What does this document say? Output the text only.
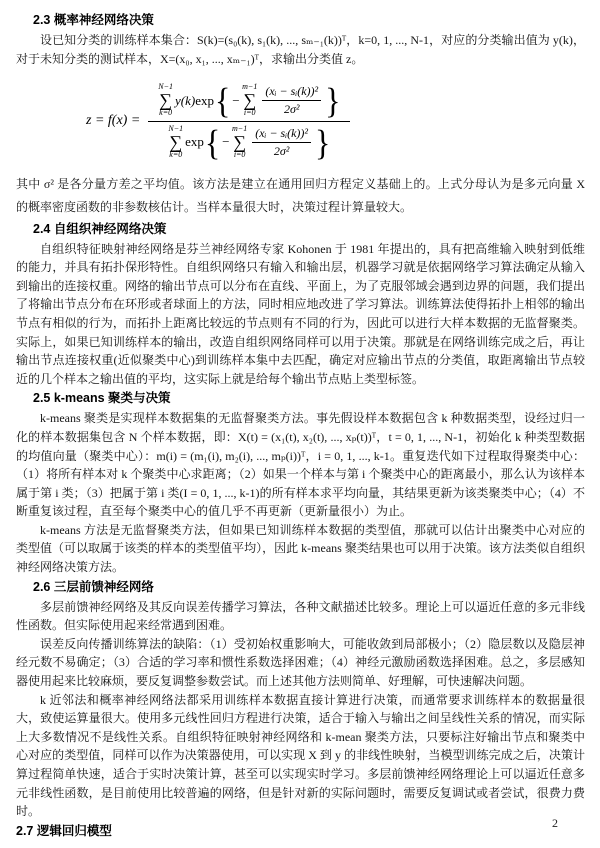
2.3 概率神经网络决策

设已知分类的训练样本集合：S(k)=(s₀(k), s₁(k), ..., sₘ₋₁(k))ᵀ，k=0, 1, ..., N-1，对应的分类输出值为 y(k)，对于未知分类的测试样本，X=(x₀, x₁, ..., xₘ₋₁)ᵀ，求输出分类值 z。

z = f(x) =
N−1
∑
k=0
y(k) exp { −
m−1
∑
$i=0 \frac{\text{(xᵢ − sᵢ(k))²}}{\text{2σ²}}$ }
N−1
∑
k=0
exp { −
m−1
∑
$i=0 \frac{\text{(xᵢ − sᵢ(k))²}}{\text{2σ²}}$ }

其中 σ² 是各分量方差之平均值。该方法是建立在通用回归方程定义基础上的。上式分母认为是多元向量 X 的概率密度函数的非参数核估计。当样本量很大时，决策过程计算量较大。

2.4 自组织神经网络决策

自组织特征映射神经网络是芬兰神经网络专家 Kohonen 于 1981 年提出的，具有把高维输入映射到低维的能力，并具有拓扑保形特性。自组织网络只有输入和输出层，机器学习就是依据网络学习算法确定从输入到输出的连接权重。网络的输出节点可以分布在直线、平面上，为了克服邻域会遇到边界的问题，我们提出了将输出节点分布在环形或者球面上的方法，同时相应地改进了学习算法。训练算法使得拓扑上相邻的输出节点有相似的行为，而拓扑上距离比较远的节点则有不同的行为，因此可以进行大样本数据的无监督聚类。实际上，如果已知训练样本的输出，改造自组织网络同样可以用于决策。那就是在网络训练完成之后，再让输出节点连接权重(近似聚类中心)到训练样本集中去匹配，确定对应输出节点的分类值，取距离输出节点较近的几个样本之输出值的平均，这实际上就是给每个输出节点贴上类型标签。

2.5 k-means 聚类与决策

k-means 聚类是实现样本数据集的无监督聚类方法。事先假设样本数据包含 k 种数据类型，设经过归一化的样本数据集包含 N 个样本数据，即：X(t) = (x₁(t), x₂(t), ..., xₚ(t))ᵀ，t = 0, 1, ..., N-1，初始化 k 种类型数据的均值向量（聚类中心）：m(i) = (m₁(i), m₂(i), ..., mₚ(i))ᵀ，i = 0, 1, ..., k-1。重复迭代如下过程取得聚类中心：（1）将所有样本对 k 个聚类中心求距离；（2）如果一个样本与第 i 个聚类中心的距离最小，那么认为该样本属于第 i 类；（3）把属于第 i 类(I = 0, 1, ..., k-1)的所有样本求平均向量，其结果更新为该类聚类中心；（4）不断重复该过程，直至每个聚类中心的值几乎不再更新（更新量很小）为止。

k-means 方法是无监督聚类方法，但如果已知训练样本数据的类型值，那就可以估计出聚类中心对应的类型值（可以取属于该类的样本的类型值平均），因此 k-means 聚类结果也可以用于决策。该方法类似自组织神经网络决策方法。

2.6 三层前馈神经网络

多层前馈神经网络及其反向误差传播学习算法，各种文献描述比较多。理论上可以逼近任意的多元非线性函数。但实际使用起来经常遇到困难。

误差反向传播训练算法的缺陷：（1）受初始权重影响大，可能收敛到局部极小；（2）隐层数以及隐层神经元数不易确定；（3）合适的学习率和惯性系数选择困难；（4）神经元激励函数选择困难。总之，多层感知器使用起来比较麻烦，要反复调整参数尝试。而上述其他方法则简单、好理解，可快速解决问题。

k 近邻法和概率神经网络法都采用训练样本数据直接计算进行决策，而通常要求训练样本的数据量很大，致使运算量很大。使用多元线性回归方程进行决策，适合于输入与输出之间呈线性关系的情况，而实际上大多数情况不是线性关系。自组织特征映射神经网络和 k-mean 聚类方法，只要标注好输出节点和聚类中心对应的类型值，同样可以作为决策器使用，可以实现 X 到 y 的非线性映射，当模型训练完成之后，决策计算过程简单快速，适合于实时决策计算，甚至可以实现实时学习。多层前馈神经网络理论上可以逼近任意多元非线性函数，是目前使用比较普遍的网络，但是针对新的实际问题时，需要反复调试或者尝试，很费力费时。

2.7 逻辑回归模型
2
